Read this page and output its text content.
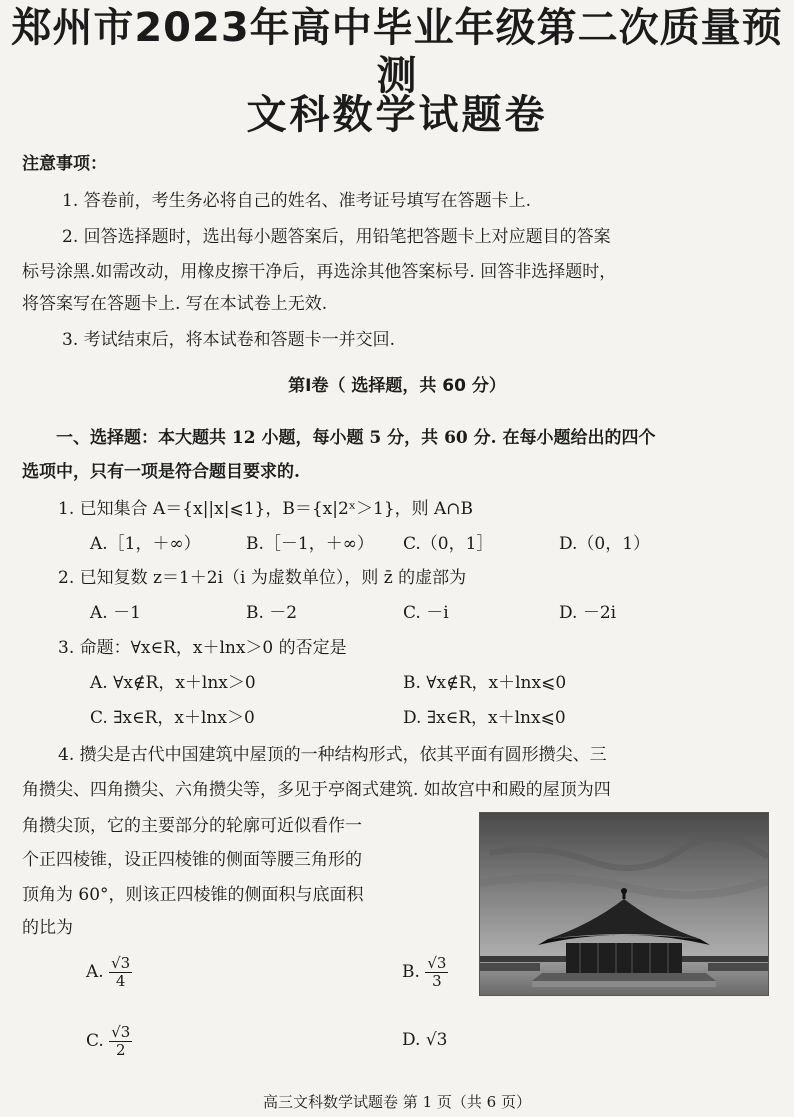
郑州市2023年高中毕业年级第二次质量预测
文科数学试题卷
注意事项：
1. 答卷前，考生务必将自己的姓名、准考证号填写在答题卡上.
2. 回答选择题时，选出每小题答案后，用铅笔把答题卡上对应题目的答案
标号涂黑.如需改动，用橡皮擦干净后，再选涂其他答案标号. 回答非选择题时，
将答案写在答题卡上. 写在本试卷上无效.
3. 考试结束后，将本试卷和答题卡一并交回.
第Ⅰ卷（ 选择题，共 60 分）
一、选择题：本大题共 12 小题，每小题 5 分，共 60 分. 在每小题给出的四个
选项中，只有一项是符合题目要求的.
1. 已知集合 A＝{x||x|⩽1}，B＝{x|2ˣ＞1}，则 A∩B
A.［1，＋∞）	B.［－1，＋∞） C.（0，1］	D.（0，1）
2. 已知复数 z＝1＋2i（i 为虚数单位），则 z̄ 的虚部为
A. －1	B. －2	C. －i	D. －2i
3. 命题：∀x∈R，x＋lnx＞0 的否定是
A. ∀x∉R，x＋lnx＞0	B. ∀x∉R，x＋lnx⩽0
C. ∃x∈R，x＋lnx＞0	D. ∃x∈R，x＋lnx⩽0
4. 攒尖是古代中国建筑中屋顶的一种结构形式，依其平面有圆形攒尖、三
角攒尖、四角攒尖、六角攒尖等，多见于亭阁式建筑. 如故宫中和殿的屋顶为四
角攒尖顶，它的主要部分的轮廓可近似看作一
个正四棱锥，设正四棱锥的侧面等腰三角形的
顶角为 60°，则该正四棱锥的侧面积与底面积
的比为
A. $\frac{√3}{4}$	B. $\frac{√3}{3}$
C. $\frac{√3}{2}$	D. √3
高三文科数学试题卷 第 1 页（共 6 页）
